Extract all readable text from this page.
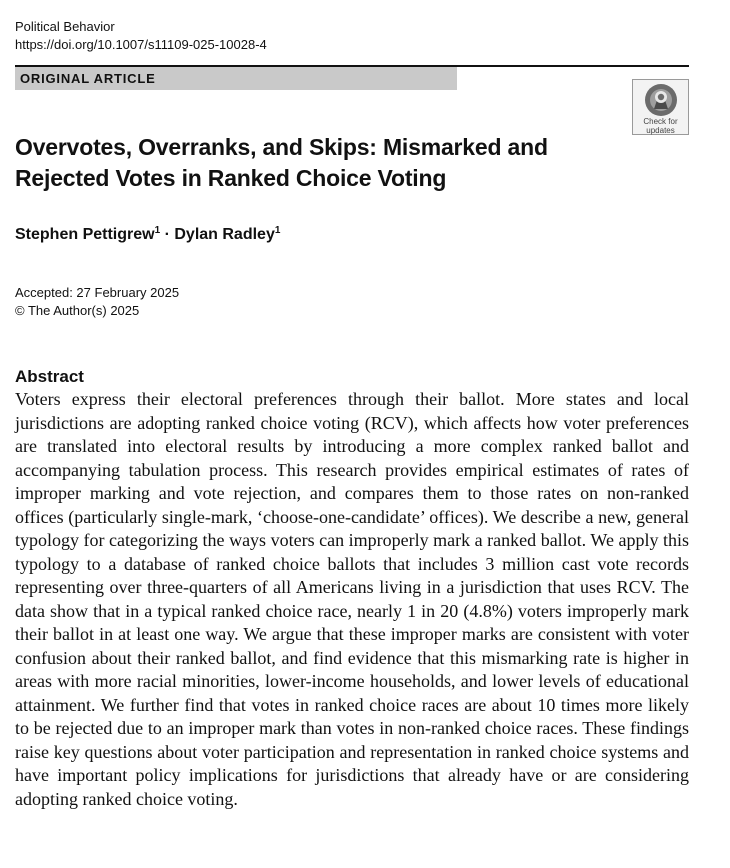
Political Behavior
https://doi.org/10.1007/s11109-025-10028-4
ORIGINAL ARTICLE
Check for
updates
Overvotes, Overranks, and Skips: Mismarked and Rejected Votes in Ranked Choice Voting
Stephen Pettigrew$^1$ · Dylan Radley$^1$
Accepted: 27 February 2025
© The Author(s) 2025
Abstract
Voters express their electoral preferences through their ballot. More states and local jurisdictions are adopting ranked choice voting (RCV), which affects how voter preferences are translated into electoral results by introducing a more complex ranked ballot and accompanying tabulation process. This research provides empirical estimates of rates of improper marking and vote rejection, and compares them to those rates on non-ranked offices (particularly single-mark, ‘choose-one-candidate’ offices). We describe a new, general typology for categorizing the ways voters can improperly mark a ranked ballot. We apply this typology to a database of ranked choice ballots that includes 3 million cast vote records representing over three-quarters of all Americans living in a jurisdiction that uses RCV. The data show that in a typical ranked choice race, nearly 1 in 20 (4.8%) voters improperly mark their ballot in at least one way. We argue that these improper marks are consistent with voter confusion about their ranked ballot, and find evidence that this mismarking rate is higher in areas with more racial minorities, lower-income households, and lower levels of educational attainment. We further find that votes in ranked choice races are about 10 times more likely to be rejected due to an improper mark than votes in non-ranked choice races. These findings raise key questions about voter participation and representation in ranked choice systems and have important policy implications for jurisdictions that already have or are considering adopting ranked choice voting.
